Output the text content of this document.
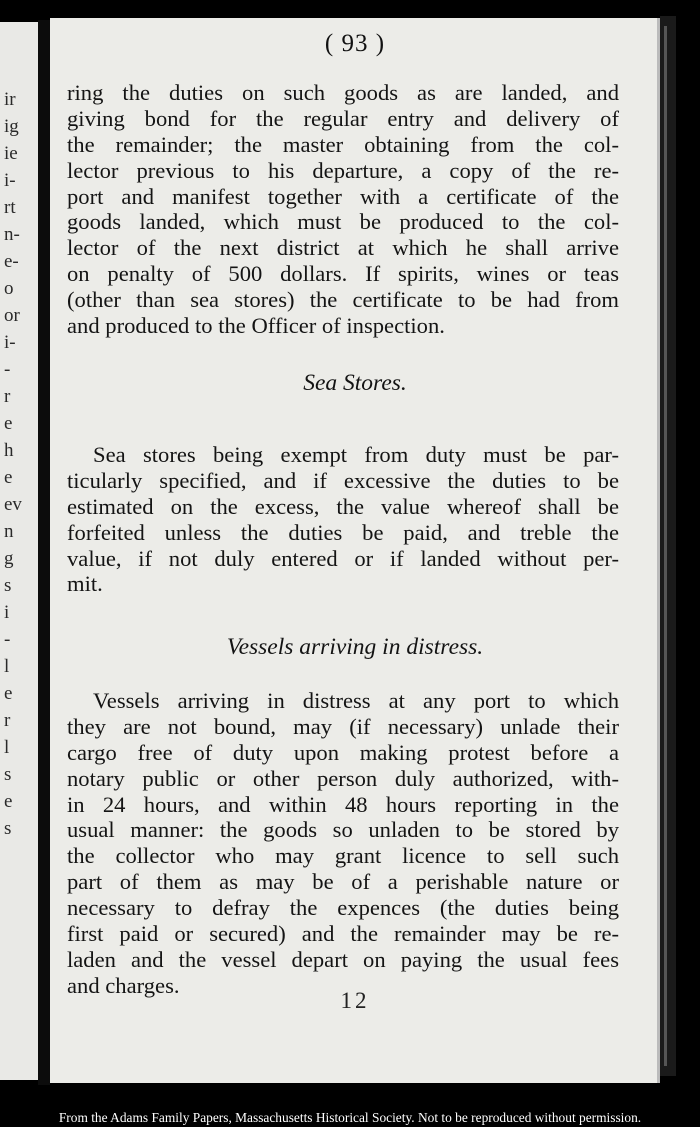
ir
ig
ie
i-
rt
n-
e-
o
or
i-
-
r
e
h
e
ev
n
g
s
i
-
l
e
r
l
s
e
s
( 93 )
ring the duties on such goods as are landed, and
giving bond for the regular entry and delivery of
the remainder; the master obtaining from the col-
lector previous to his departure, a copy of the re-
port and manifest together with a certificate of the
goods landed, which must be produced to the col-
lector of the next district at which he shall arrive
on penalty of 500 dollars. If spirits, wines or teas
(other than sea stores) the certificate to be had from
and produced to the Officer of inspection.
Sea Stores.
Sea stores being exempt from duty must be par-
ticularly specified, and if excessive the duties to be
estimated on the excess, the value whereof shall be
forfeited unless the duties be paid, and treble the
value, if not duly entered or if landed without per-
mit.
Vessels arriving in distress.
Vessels arriving in distress at any port to which
they are not bound, may (if necessary) unlade their
cargo free of duty upon making protest before a
notary public or other person duly authorized, with-
in 24 hours, and within 48 hours reporting in the
usual manner: the goods so unladen to be stored by
the collector who may grant licence to sell such
part of them as may be of a perishable nature or
necessary to defray the expences (the duties being
first paid or secured) and the remainder may be re-
laden and the vessel depart on paying the usual fees
and charges.
12
From the Adams Family Papers, Massachusetts Historical Society. Not to be reproduced without permission.
